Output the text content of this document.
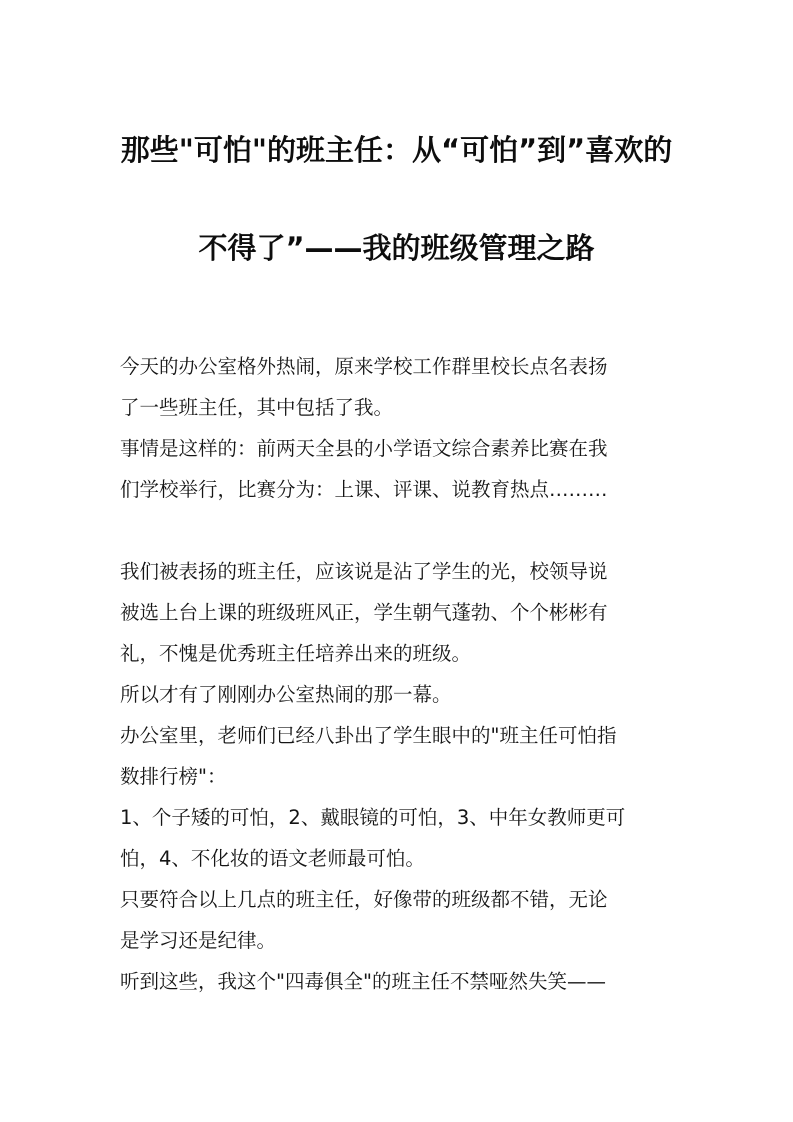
那些"可怕"的班主任：从“可怕”到”喜欢的
不得了”——我的班级管理之路
今天的办公室格外热闹，原来学校工作群里校长点名表扬
了一些班主任，其中包括了我。
事情是这样的：前两天全县的小学语文综合素养比赛在我
们学校举行，比赛分为：上课、评课、说教育热点………
我们被表扬的班主任，应该说是沾了学生的光，校领导说
被选上台上课的班级班风正，学生朝气蓬勃、个个彬彬有
礼，不愧是优秀班主任培养出来的班级。
所以才有了刚刚办公室热闹的那一幕。
办公室里，老师们已经八卦出了学生眼中的"班主任可怕指
数排行榜"：
1、个子矮的可怕，2、戴眼镜的可怕，3、中年女教师更可
怕，4、不化妆的语文老师最可怕。
只要符合以上几点的班主任，好像带的班级都不错，无论
是学习还是纪律。
听到这些，我这个"四毒俱全"的班主任不禁哑然失笑——
